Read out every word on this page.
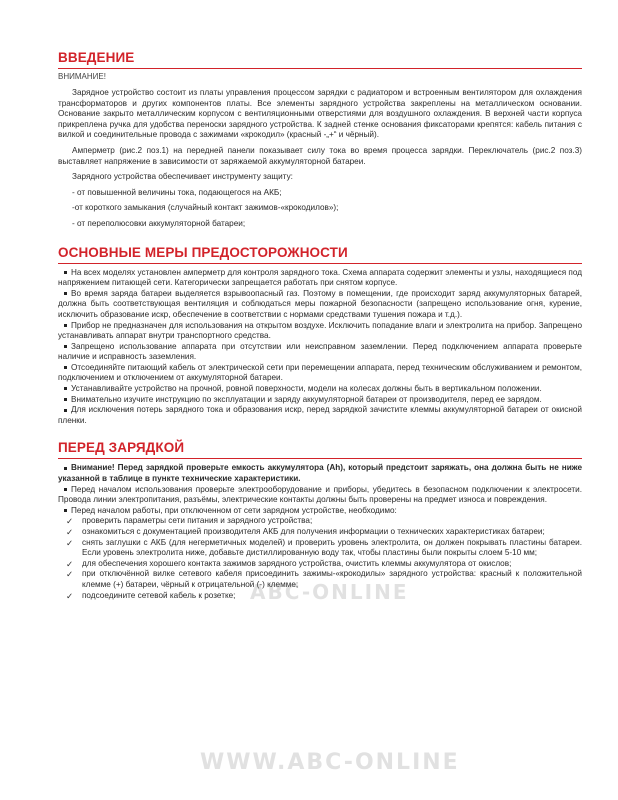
ВВЕДЕНИЕ
ВНИМАНИЕ!

Зарядное устройство состоит из платы управления процессом зарядки с радиатором и встроенным вентилятором для охлаждения трансформаторов и других компонентов платы. Все элементы зарядного устройства закреплены на металлическом основании. Основание закрыто металлическим корпусом с вентиляционными отверстиями для воздушного охлаждения. В верхней части корпуса прикреплена ручка для удобства переноски зарядного устройства. К задней стенке основания фиксаторами крепятся: кабель питания с вилкой и соединительные провода с зажимами «крокодил» (красный -„+“ и чёрный).

Амперметр (рис.2 поз.1) на передней панели показывает силу тока во время процесса зарядки. Переключатель (рис.2 поз.3) выставляет напряжение в зависимости от заряжаемой аккумуляторной батареи.

Зарядного устройства обеспечивает инструменту защиту:

- от повышенной величины тока, подающегося на АКБ;
-от короткого замыкания (случайный контакт зажимов-«крокодилов»);
- от переполюсовки аккумуляторной батареи;
ОСНОВНЫЕ МЕРЫ ПРЕДОСТОРОЖНОСТИ

На всех моделях установлен амперметр для контроля зарядного тока. Схема аппарата содержит элементы и узлы, находящиеся под напряжением питающей сети. Категорически запрещается работать при снятом корпусе.

Во время заряда батареи выделяется взрывоопасный газ. Поэтому в помещении, где происходит заряд аккумуляторных батарей, должна быть соответствующая вентиляция и соблюдаться меры пожарной безопасности (запрещено использование огня, курение, исключить образование искр, обеспечение в соответствии с нормами средствами тушения пожара и т.д.).

Прибор не предназначен для использования на открытом воздухе. Исключить попадание влаги и электролита на прибор. Запрещено устанавливать аппарат внутри транспортного средства.

Запрещено использование аппарата при отсутствии или неисправном заземлении. Перед подключением аппарата проверьте наличие и исправность заземления.

Отсоединяйте питающий кабель от электрической сети при перемещении аппарата, перед техническим обслуживанием и ремонтом, подключением и отключением от аккумуляторной батареи.

Устанавливайте устройство на прочной, ровной поверхности, модели на колесах должны быть в вертикальном положении.

Внимательно изучите инструкцию по эксплуатации и заряду аккумуляторной батареи от производителя, перед ее зарядом.

Для исключения потерь зарядного тока и образования искр, перед зарядкой зачистите клеммы аккумуляторной батареи от окисной пленки.

ПЕРЕД ЗАРЯДКОЙ

Внимание! Перед зарядкой проверьте емкость аккумулятора (Ah), который предстоит заряжать, она должна быть не ниже указанной в таблице в пункте технические характеристики.

Перед началом использования проверьте электрооборудование и приборы, убедитесь в безопасном подключении к электросети. Провода линии электропитания, разъёмы, электрические контакты должны быть проверены на предмет износа и повреждения.

Перед началом работы, при отключенном от сети зарядном устройстве, необходимо:

✓ проверить параметры сети питания и зарядного устройства;
✓ ознакомиться с документацией производителя АКБ для получения информации о технических характеристиках батареи;
✓ снять заглушки с АКБ (для негерметичных моделей) и проверить уровень электролита, он должен покрывать пластины батареи. Если уровень электролита ниже, добавьте дистиллированную воду так, чтобы пластины были покрыты слоем 5-10 мм;
✓ для обеспечения хорошего контакта зажимов зарядного устройства, очистить клеммы аккумулятора от окислов;
✓ при отключённой вилке сетевого кабеля присоединить зажимы-«крокодилы» зарядного устройства: красный к положительной клемме (+) батареи, чёрный к отрицательной (-) клемме;
✓ подсоедините сетевой кабель к розетке; ABC-ONLINE
WWW.ABC-ONLINE
